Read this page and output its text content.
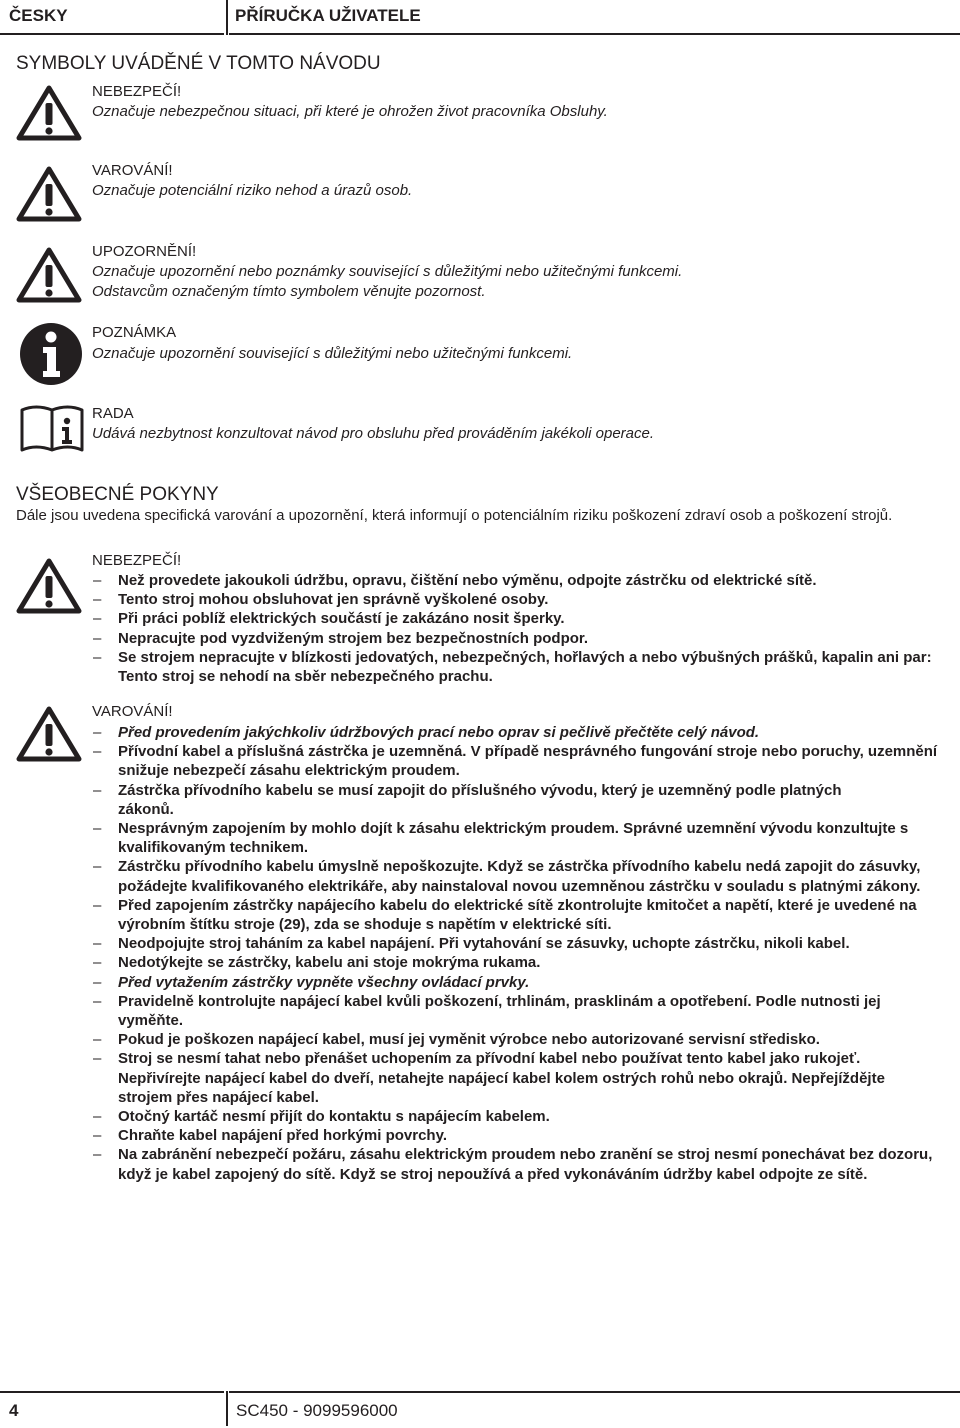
ČESKY	PŘÍRUČKA UŽIVATELE
SYMBOLY UVÁDĚNÉ V TOMTO NÁVODU
NEBEZPEČÍ!
Označuje nebezpečnou situaci, při které je ohrožen život pracovníka Obsluhy.
VAROVÁNÍ!
Označuje potenciální riziko nehod a úrazů osob.
UPOZORNĚNÍ!
Označuje upozornění nebo poznámky související s důležitými nebo užitečnými funkcemi.
Odstavcům označeným tímto symbolem věnujte pozornost.
POZNÁMKA
Označuje upozornění související s důležitými nebo užitečnými funkcemi.
RADA
Udává nezbytnost konzultovat návod pro obsluhu před prováděním jakékoli operace.
VŠEOBECNÉ POKYNY
Dále jsou uvedena specifická varování a upozornění, která informují o potenciálním riziku poškození zdraví osob a poškození strojů.
NEBEZPEČÍ!
– Než provedete jakoukoli údržbu, opravu, čištění nebo výměnu, odpojte zástrčku od elektrické sítě.
– Tento stroj mohou obsluhovat jen správně vyškolené osoby.
– Při práci poblíž elektrických součástí je zakázáno nosit šperky.
– Nepracujte pod vyzdviženým strojem bez bezpečnostních podpor.
– Se strojem nepracujte v blízkosti jedovatých, nebezpečných, hořlavých a nebo výbušných prášků, kapalin ani par: Tento stroj se nehodí na sběr nebezpečného prachu.
VAROVÁNÍ!
– Před provedením jakýchkoliv údržbových prací nebo oprav si pečlivě přečtěte celý návod.
– Přívodní kabel a příslušná zástrčka je uzemněná. V případě nesprávného fungování stroje nebo poruchy, uzemnění snižuje nebezpečí zásahu elektrickým proudem.
– Zástrčka přívodního kabelu se musí zapojit do příslušného vývodu, který je uzemněný podle platných zákonů.
– Nesprávným zapojením by mohlo dojít k zásahu elektrickým proudem. Správné uzemnění vývodu konzultujte s kvalifikovaným technikem.
– Zástrčku přívodního kabelu úmyslně nepoškozujte. Když se zástrčka přívodního kabelu nedá zapojit do zásuvky, požádejte kvalifikovaného elektrikáře, aby nainstaloval novou uzemněnou zástrčku v souladu s platnými zákony.
– Před zapojením zástrčky napájecího kabelu do elektrické sítě zkontrolujte kmitočet a napětí, které je uvedené na výrobním štítku stroje (29), zda se shoduje s napětím v elektrické síti.
– Neodpojujte stroj taháním za kabel napájení. Při vytahování se zásuvky, uchopte zástrčku, nikoli kabel.
– Nedotýkejte se zástrčky, kabelu ani stoje mokrýma rukama.
– Před vytažením zástrčky vypněte všechny ovládací prvky.
– Pravidelně kontrolujte napájecí kabel kvůli poškození, trhlinám, prasklinám a opotřebení. Podle nutnosti jej vyměňte.
– Pokud je poškozen napájecí kabel, musí jej vyměnit výrobce nebo autorizované servisní středisko.
– Stroj se nesmí tahat nebo přenášet uchopením za přívodní kabel nebo používat tento kabel jako rukojeť. Nepřivírejte napájecí kabel do dveří, netahejte napájecí kabel kolem ostrých rohů nebo okrajů. Nepřejíždějte strojem přes napájecí kabel.
– Otočný kartáč nesmí přijít do kontaktu s napájecím kabelem.
– Chraňte kabel napájení před horkými povrchy.
– Na zabránění nebezpečí požáru, zásahu elektrickým proudem nebo zranění se stroj nesmí ponechávat bez dozoru, když je kabel zapojený do sítě. Když se stroj nepoužívá a před vykonáváním údržby kabel odpojte ze sítě.
4	SC450 - 9099596000
